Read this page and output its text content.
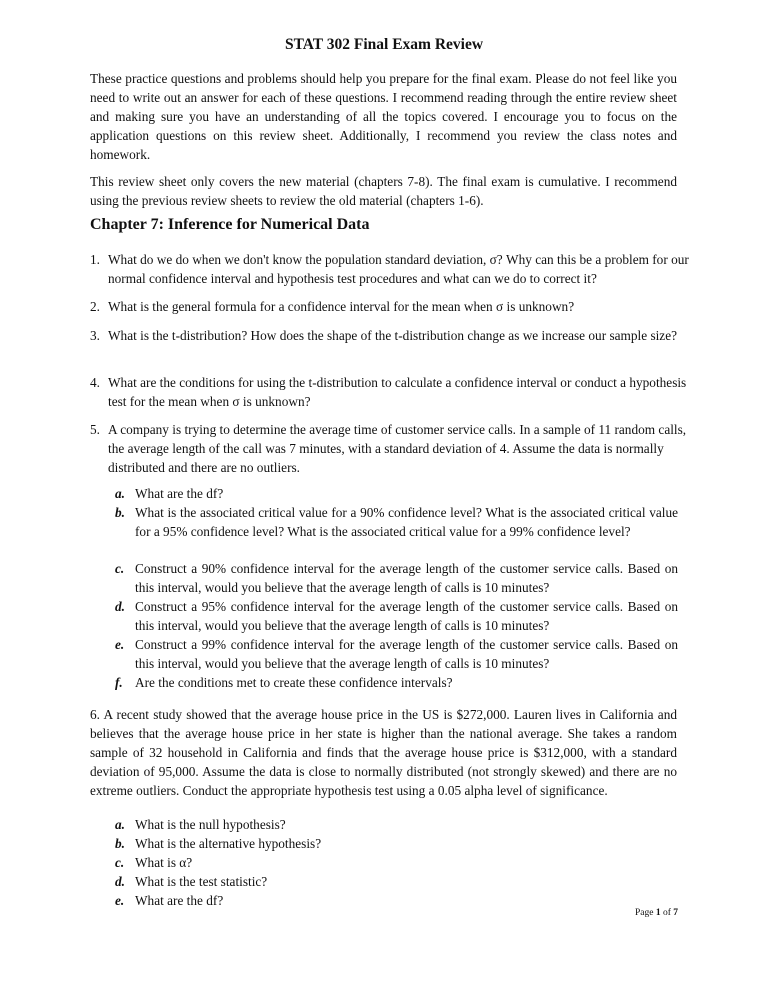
STAT 302 Final Exam Review
These practice questions and problems should help you prepare for the final exam. Please do not feel like you need to write out an answer for each of these questions. I recommend reading through the entire review sheet and making sure you have an understanding of all the topics covered. I encourage you to focus on the application questions on this review sheet. Additionally, I recommend you review the class notes and homework.
This review sheet only covers the new material (chapters 7-8). The final exam is cumulative. I recommend using the previous review sheets to review the old material (chapters 1-6).
Chapter 7: Inference for Numerical Data
1. What do we do when we don't know the population standard deviation, σ? Why can this be a problem for our normal confidence interval and hypothesis test procedures and what can we do to correct it?
2. What is the general formula for a confidence interval for the mean when σ is unknown?
3. What is the t-distribution? How does the shape of the t-distribution change as we increase our sample size?
4. What are the conditions for using the t-distribution to calculate a confidence interval or conduct a hypothesis test for the mean when σ is unknown?
5. A company is trying to determine the average time of customer service calls. In a sample of 11 random calls, the average length of the call was 7 minutes, with a standard deviation of 4. Assume the data is normally distributed and there are no outliers.
a. What are the df?
b. What is the associated critical value for a 90% confidence level? What is the associated critical value for a 95% confidence level? What is the associated critical value for a 99% confidence level?
c. Construct a 90% confidence interval for the average length of the customer service calls. Based on this interval, would you believe that the average length of calls is 10 minutes?
d. Construct a 95% confidence interval for the average length of the customer service calls. Based on this interval, would you believe that the average length of calls is 10 minutes?
e. Construct a 99% confidence interval for the average length of the customer service calls. Based on this interval, would you believe that the average length of calls is 10 minutes?
f. Are the conditions met to create these confidence intervals?
6. A recent study showed that the average house price in the US is $272,000. Lauren lives in California and believes that the average house price in her state is higher than the national average. She takes a random sample of 32 household in California and finds that the average house price is $312,000, with a standard deviation of 95,000. Assume the data is close to normally distributed (not strongly skewed) and there are no extreme outliers. Conduct the appropriate hypothesis test using a 0.05 alpha level of significance.
a. What is the null hypothesis?
b. What is the alternative hypothesis?
c. What is α?
d. What is the test statistic?
e. What are the df?
Page 1 of 7
